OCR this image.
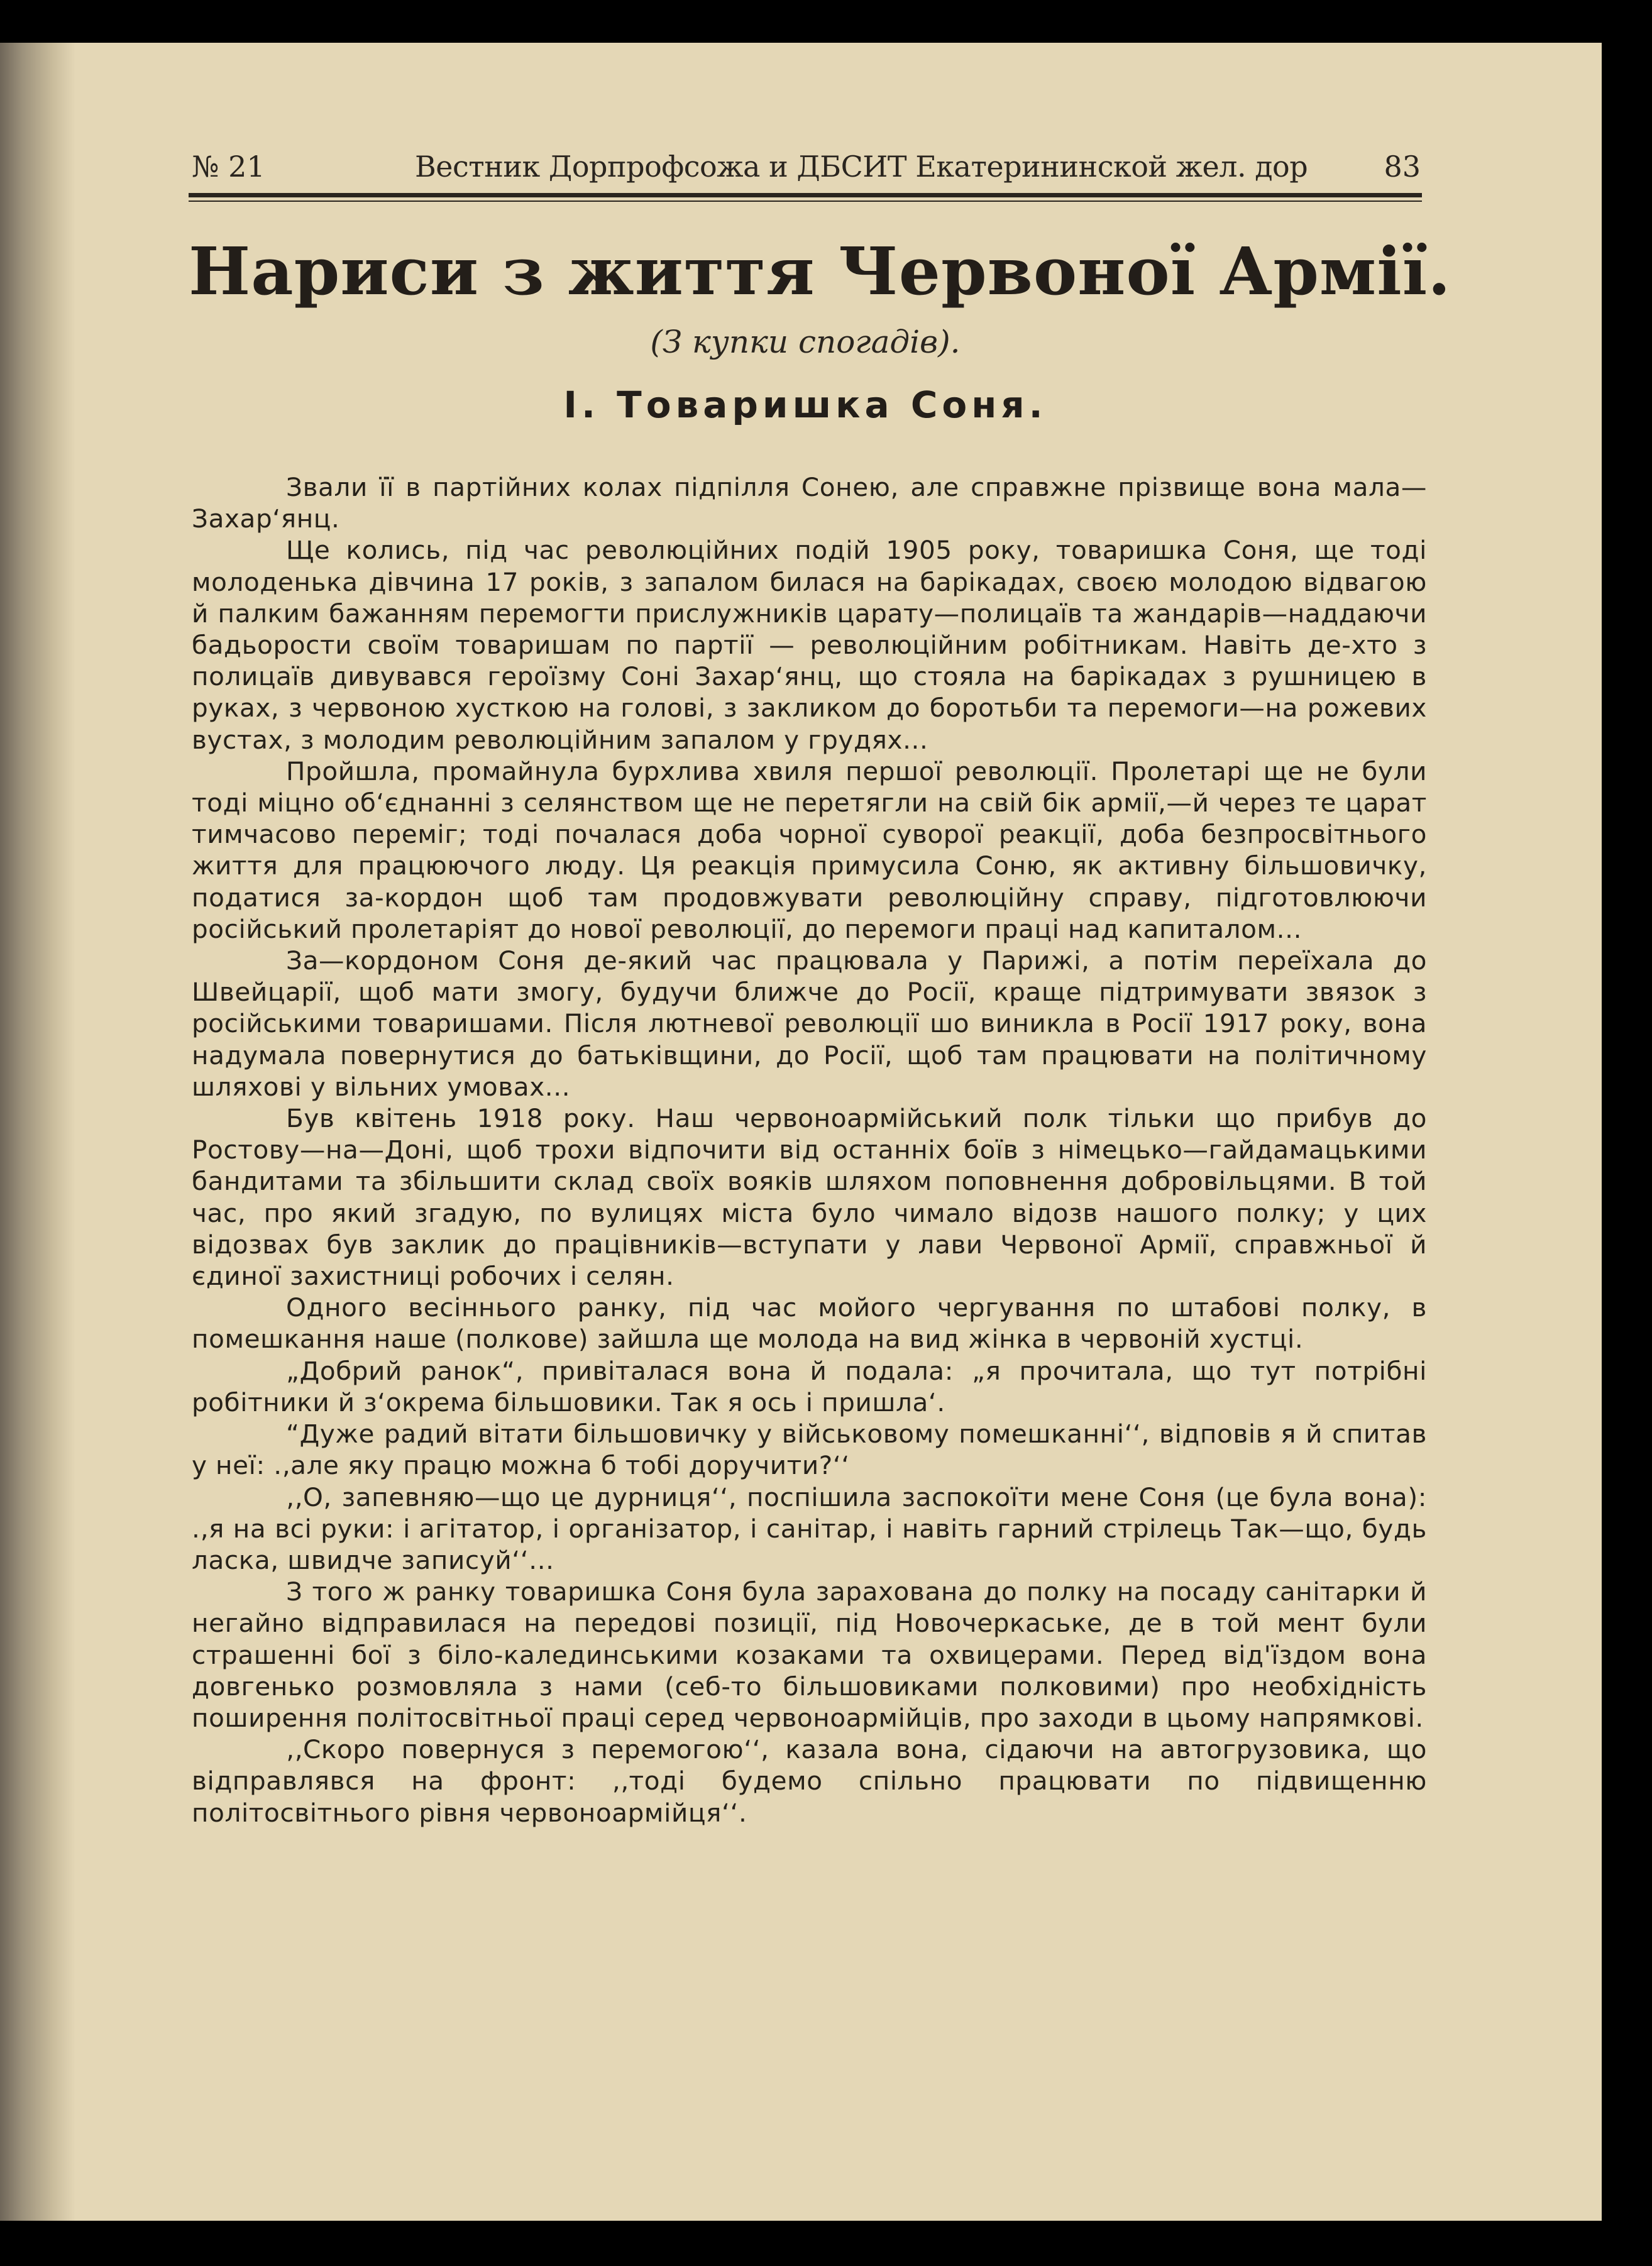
№ 21	Вестник Дорпрофсожа и ДБСИТ Екатерининской жел. дор	83
Нариси з життя Червоної Армії.
(З купки спогадів).
І. Товаришка Соня.

Звали її в партійних колах підпілля Сонею, але справжне прізвище вона мала—Захар‘янц.

Ще колись, під час революційних подій 1905 року, товаришка Соня, ще тоді молоденька дівчина 17 років, з запалом билася на барікадах, своєю молодою відвагою й палким бажанням перемогти прислужників царату—полицаїв та жандарів—наддаючи бадьорости своїм товаришам по партії — революційним робітникам. Навіть де-хто з полицаїв дивувався героїзму Соні Захар‘янц, що стояла на барікадах з рушницею в руках, з червоною хусткою на голові, з закликом до боротьби та перемоги—на рожевих вустах, з молодим революційним запалом у грудях...

Пройшла, промайнула бурхлива хвиля першої революції. Пролетарі ще не були тоді міцно об‘єднанні з селянством ще не перетягли на свій бік армії,—й через те царат тимчасово переміг; тоді почалася доба чорної суворої реакції, доба безпросвітнього життя для працюючого люду. Ця реакція примусила Соню, як активну більшовичку, податися за-кордон щоб там продовжувати революційну справу, підготовлюючи російський пролетаріят до нової революції, до перемоги праці над капиталом...

За—кордоном Соня де-який час працювала у Парижі, а потім переїхала до Швейцарії, щоб мати змогу, будучи ближче до Росії, краще підтримувати звязок з російськими товаришами. Після лютневої революції шо виникла в Росії 1917 року, вона надумала повернутися до батьківщини, до Росії, щоб там працювати на політичному шляхові у вільних умовах...

Був квітень 1918 року. Наш червоноармійський полк тільки що прибув до Ростову—на—Доні, щоб трохи відпочити від останніх боїв з німецько—гайдамацькими бандитами та збільшити склад своїх вояків шляхом поповнення добровільцями. В той час, про який згадую, по вулицях міста було чимало відозв нашого полку; у цих відозвах був заклик до працівників—вступати у лави Червоної Армії, справжньої й єдиної захистниці робочих і селян.

Одного весіннього ранку, під час мойого чергування по штабові полку, в помешкання наше (полкове) зайшла ще молода на вид жінка в червоній хустці.

„Добрий ранок“, привіталася вона й подала: „я прочитала, що тут потрібні робітники й з‘окрема більшовики. Так я ось і пришла‘.

“Дуже радий вітати більшовичку у військовому помешканні‘‘, відповів я й спитав у неї: .‚але яку працю можна б тобі доручити?‘‘

‚‚О, запевняю—що це дурниця‘‘, поспішила заспокоїти мене Соня (це була вона): .‚я на всі руки: і агітатор, і організатор, і санітар, і навіть гарний стрілець Так—що, будь ласка, швидче записуй‘‘...

З того ж ранку товаришка Соня була зарахована до полку на посаду санітарки й негайно відправилася на передові позиції, під Новочеркаське, де в той мент були страшенні бої з біло-калединськими козаками та охвицерами. Перед від'їздом вона довгенько розмовляла з нами (себ-то більшовиками полковими) про необхідність поширення політосвітньої праці серед червоноармійців, про заходи в цьому напрямкові.

‚‚Скоро повернуся з перемогою‘‘, казала вона, сідаючи на автогрузовика, що відправлявся на фронт: ‚‚тоді будемо спільно працювати по підвищенню політосвітнього рівня червоноармійця‘‘.
